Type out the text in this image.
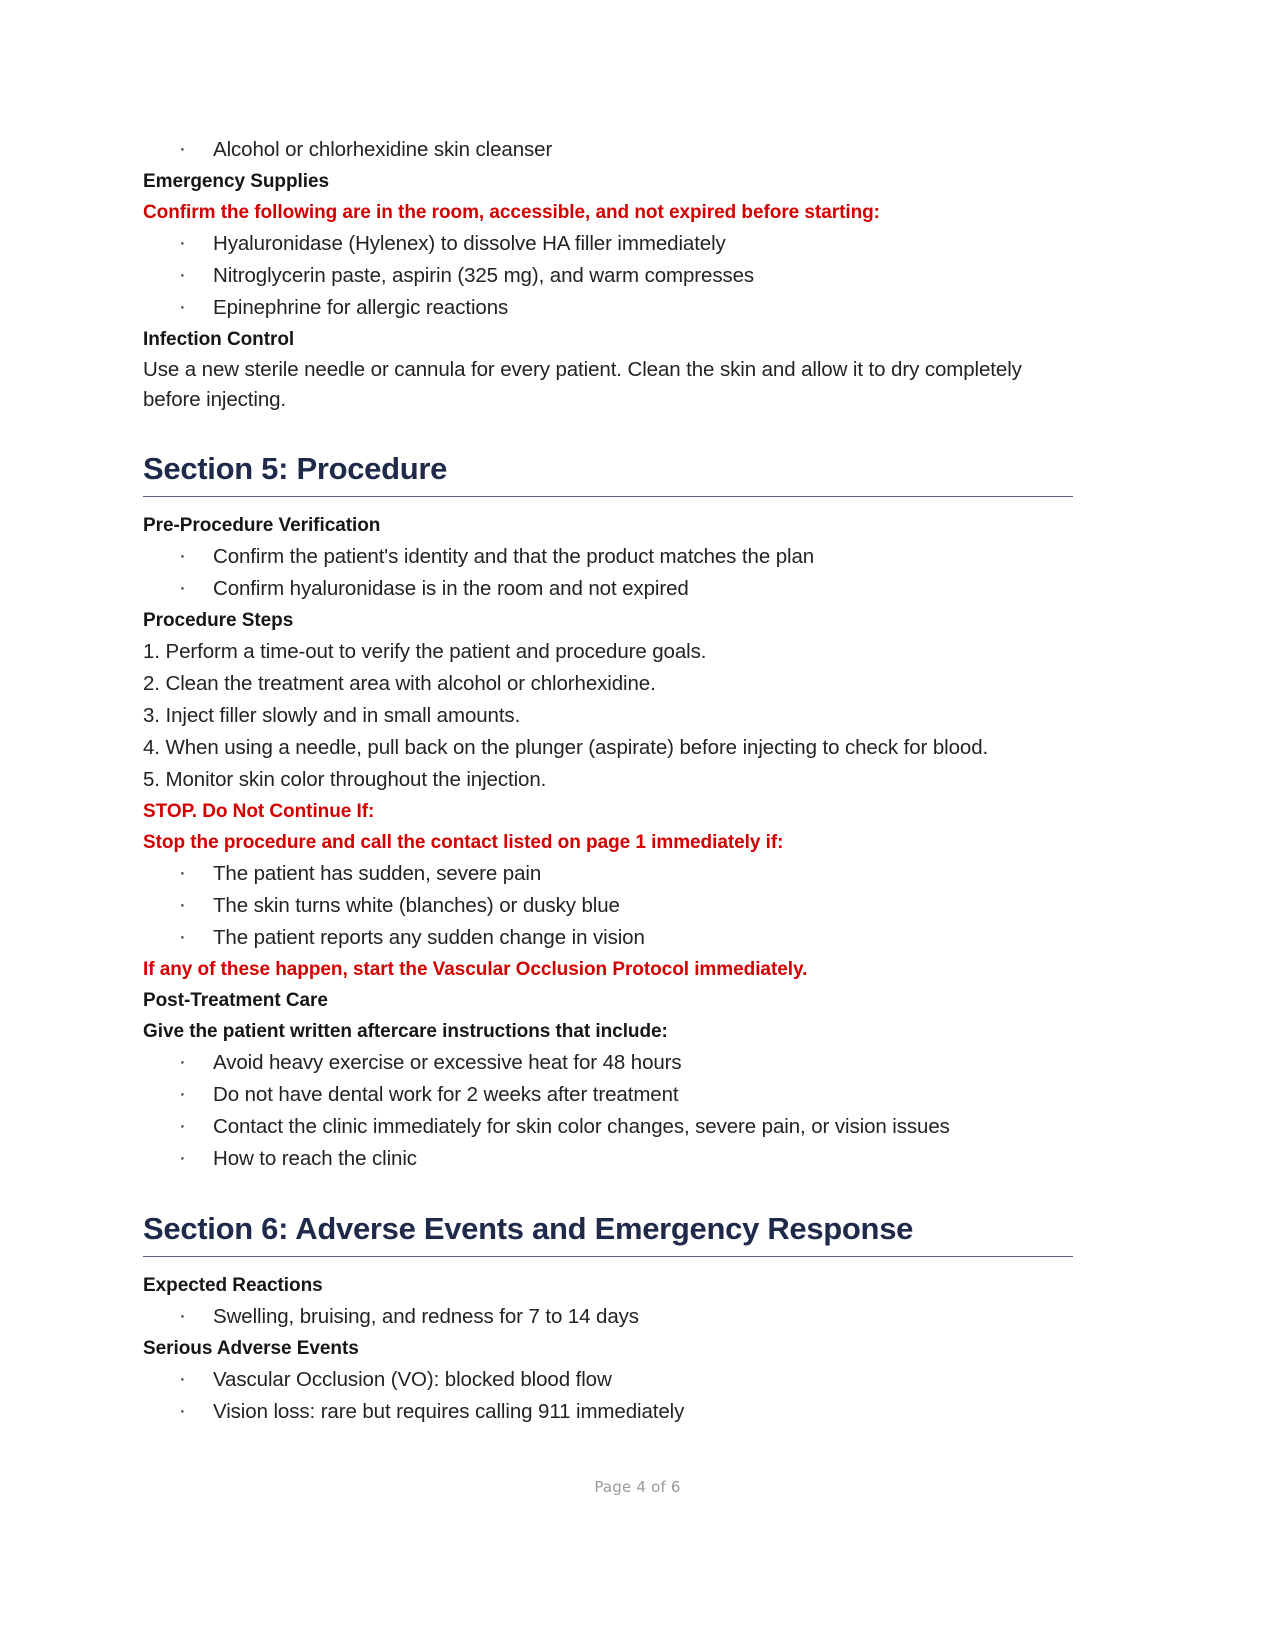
· Alcohol or chlorhexidine skin cleanser
Emergency Supplies

Confirm the following are in the room, accessible, and not expired before starting:

· Hyaluronidase (Hylenex) to dissolve HA filler immediately
· Nitroglycerin paste, aspirin (325 mg), and warm compresses
· Epinephrine for allergic reactions
Infection Control

Use a new sterile needle or cannula for every patient. Clean the skin and allow it to dry completely before injecting.

Section 5: Procedure
Pre-Procedure Verification
· Confirm the patient's identity and that the product matches the plan
· Confirm hyaluronidase is in the room and not expired
Procedure Steps

1. Perform a time-out to verify the patient and procedure goals.

2. Clean the treatment area with alcohol or chlorhexidine.

3. Inject filler slowly and in small amounts.

4. When using a needle, pull back on the plunger (aspirate) before injecting to check for blood.

5. Monitor skin color throughout the injection.

STOP. Do Not Continue If:

Stop the procedure and call the contact listed on page 1 immediately if:

· The patient has sudden, severe pain
· The skin turns white (blanches) or dusky blue
· The patient reports any sudden change in vision

If any of these happen, start the Vascular Occlusion Protocol immediately.

Post-Treatment Care

Give the patient written aftercare instructions that include:

· Avoid heavy exercise or excessive heat for 48 hours
· Do not have dental work for 2 weeks after treatment
· Contact the clinic immediately for skin color changes, severe pain, or vision issues
· How to reach the clinic
Section 6: Adverse Events and Emergency Response
Expected Reactions
· Swelling, bruising, and redness for 7 to 14 days
Serious Adverse Events
· Vascular Occlusion (VO): blocked blood flow
· Vision loss: rare but requires calling 911 immediately
Page 4 of 6
